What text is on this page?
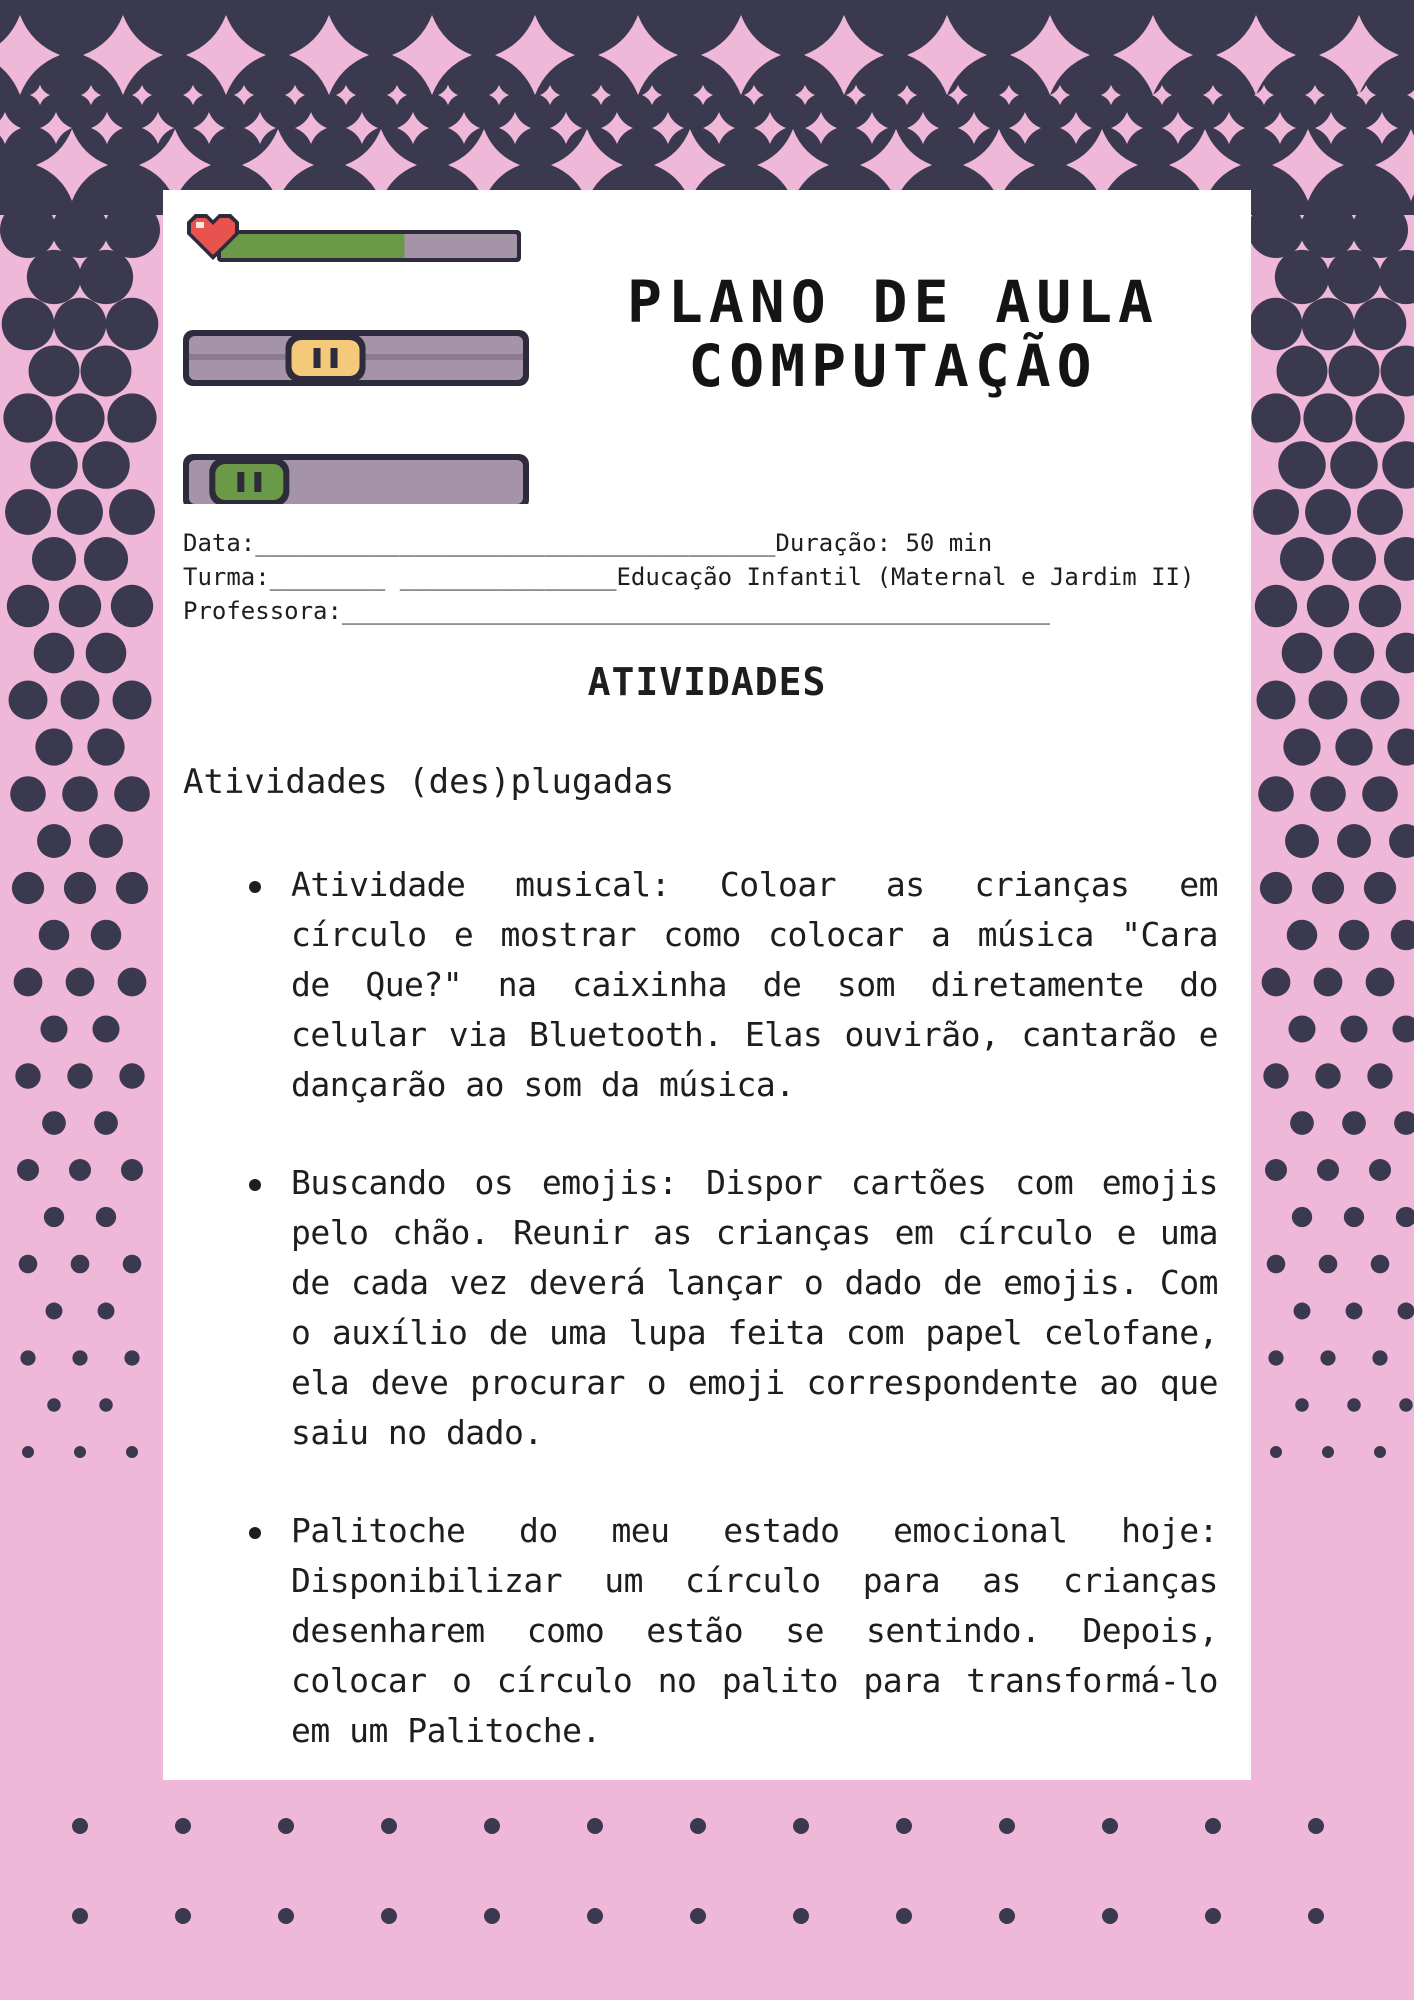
PLANO DE AULA
COMPUTAÇÃO
Data:____________________________________Duração: 50 min
Turma:________ _______________Educação Infantil (Maternal e Jardim II)
Professora:_________________________________________________
ATIVIDADES
Atividades (des)plugadas
Atividade musical: Coloar as crianças em círculo e mostrar como colocar a música "Cara de Que?" na caixinha de som diretamente do celular via Bluetooth. Elas ouvirão, cantarão e dançarão ao som da música.
Buscando os emojis: Dispor cartões com emojis pelo chão. Reunir as crianças em círculo e uma de cada vez deverá lançar o dado de emojis. Com o auxílio de uma lupa feita com papel celofane, ela deve procurar o emoji correspondente ao que saiu no dado.
Palitoche do meu estado emocional hoje: Disponibilizar um círculo para as crianças desenharem como estão se sentindo. Depois, colocar o círculo no palito para transformá-lo em um Palitoche.
